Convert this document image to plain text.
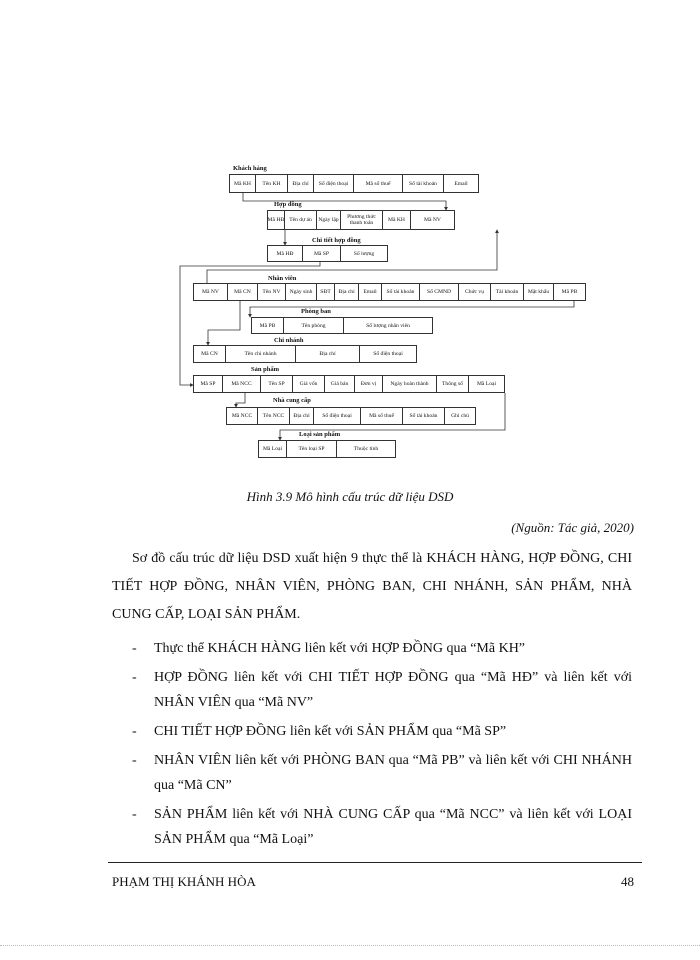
Khách hàng
Mã KH	Tên KH	Địa chỉ	Số điện thoại	Mã số thuế	Số tài khoản	Email
Hợp đồng
Mã HĐ Tên dự án	Ngày lập	Phương thức thanh toán	Mã KH	Mã NV
Chi tiết hợp đồng
Mã HĐ	Mã SP	Số lượng
Nhân viên
Mã NV	Mã CN	Tên NV	Ngày sinh	SĐT	Địa chỉ	Email	Số tài khoản	Số CMND	Chức vụ	Tài khoản	Mật khẩu	Mã PB
Phòng ban
Mã PB	Tên phòng	Số lượng nhân viên
Chi nhánh
Mã CN	Tên chi nhánh	Địa chỉ	Số điện thoại
Sản phẩm
Mã SP	Mã NCC	Tên SP	Giá vốn	Giá bán	Đơn vị	Ngày hoàn thành	Thông số	Mã Loại
Nhà cung cấp
Mã NCC	Tên NCC	Địa chỉ	Số điện thoại	Mã số thuế	Số tài khoản	Ghi chú
Loại sản phẩm
Mã Loại	Tên loại SP	Thuộc tính
Hình 3.9 Mô hình cấu trúc dữ liệu DSD
(Nguồn: Tác giả, 2020)

Sơ đồ cấu trúc dữ liệu DSD xuất hiện 9 thực thể là KHÁCH HÀNG, HỢP ĐỒNG, CHI TIẾT HỢP ĐỒNG, NHÂN VIÊN, PHÒNG BAN, CHI NHÁNH, SẢN PHẨM, NHÀ CUNG CẤP, LOẠI SẢN PHẨM.

- Thực thể KHÁCH HÀNG liên kết với HỢP ĐỒNG qua “Mã KH”
- HỢP ĐỒNG liên kết với CHI TIẾT HỢP ĐỒNG qua “Mã HĐ” và liên kết với NHÂN VIÊN qua “Mã NV”
- CHI TIẾT HỢP ĐỒNG liên kết với SẢN PHẨM qua “Mã SP”
- NHÂN VIÊN liên kết với PHÒNG BAN qua “Mã PB” và liên kết với CHI NHÁNH qua “Mã CN”
- SẢN PHẨM liên kết với NHÀ CUNG CẤP qua “Mã NCC” và liên kết với LOẠI SẢN PHẨM qua “Mã Loại”
PHẠM THỊ KHÁNH HÒA	48
